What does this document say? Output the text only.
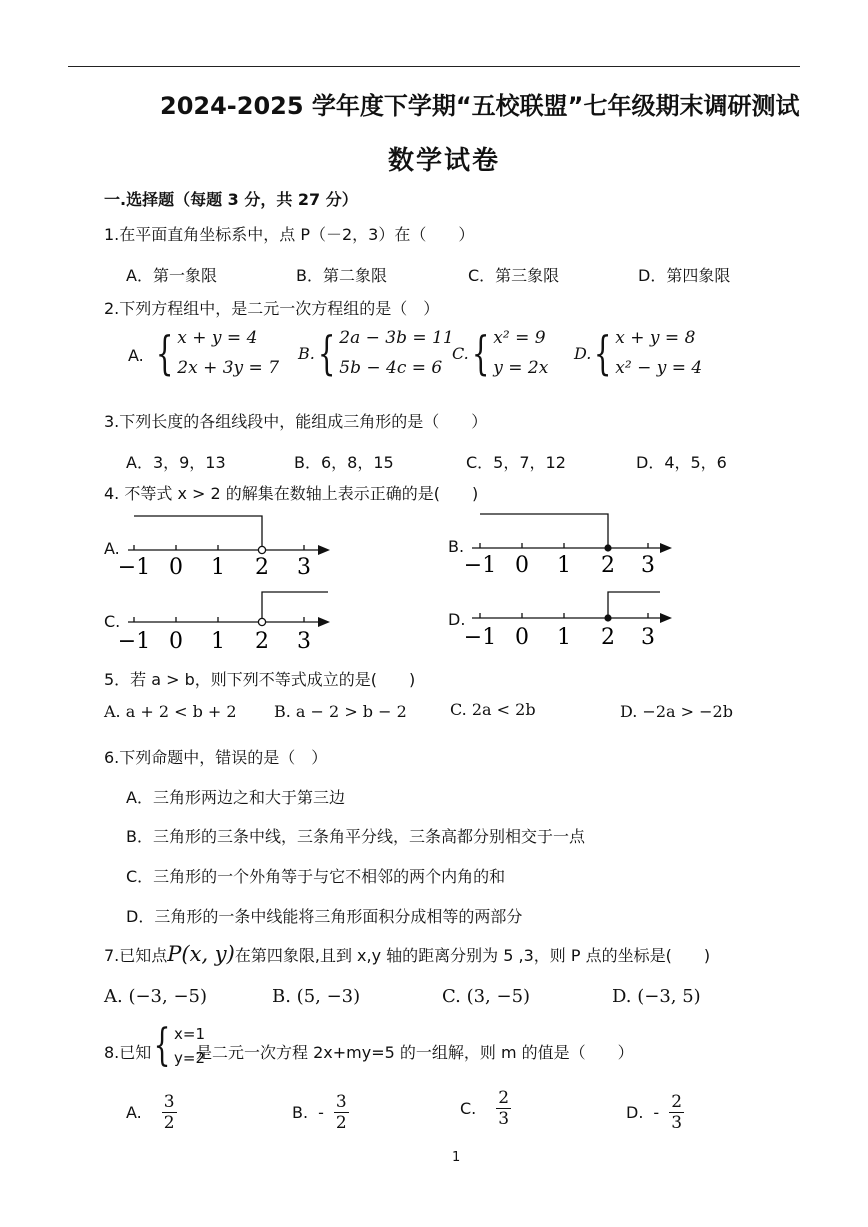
2024-2025 学年度下学期“五校联盟”七年级期末调研测试
数学试卷
一.选择题（每题 3 分，共 27 分）
1.在平面直角坐标系中，点 P（－2，3）在（　　）
A．第一象限	B．第二象限	C．第三象限	D．第四象限
2.下列方程组中，是二元一次方程组的是（　）
A. { x + y = 4
2x + 3y = 7
B. { 2a − 3b = 11
5b − 4c = 6
C. { x² = 9
y = 2x
D. { x + y = 8
x² − y = 4
3.下列长度的各组线段中，能组成三角形的是（　　）
A．3，9，13	B．6，8，15	C．5，7，12	D．4，5，6
4. 不等式 x > 2 的解集在数轴上表示正确的是(　　)
A.
−1 0 1 2 3
B.
−1 0 1 2 3
C.
−1 0 1 2 3
D.
−1 0 1 2 3
5．若 a > b，则下列不等式成立的是(　　)
A. a + 2 < b + 2 B. a − 2 > b − 2	C. 2a < 2b	D. −2a > −2b
6.下列命题中，错误的是（　）
A．三角形两边之和大于第三边
B．三角形的三条中线，三条角平分线，三条高都分别相交于一点
C．三角形的一个外角等于与它不相邻的两个内角的和
D．三角形的一条中线能将三角形面积分成相等的两部分
7.已知点P(x, y)在第四象限,且到 x,y 轴的距离分别为 5 ,3，则 P 点的坐标是(　　)
A. (−3, −5)	B. (5, −3)	C. (3, −5)	D. (−3, 5)
8.已知 { x=1
y=2
是二元一次方程 2x+my=5 的一组解，则 m 的值是（　　）
A. $\frac{3}{2}$	B. - $\frac{3}{2}$	C. $\frac{2}{3}$	D. - $\frac{2}{3}$
1
